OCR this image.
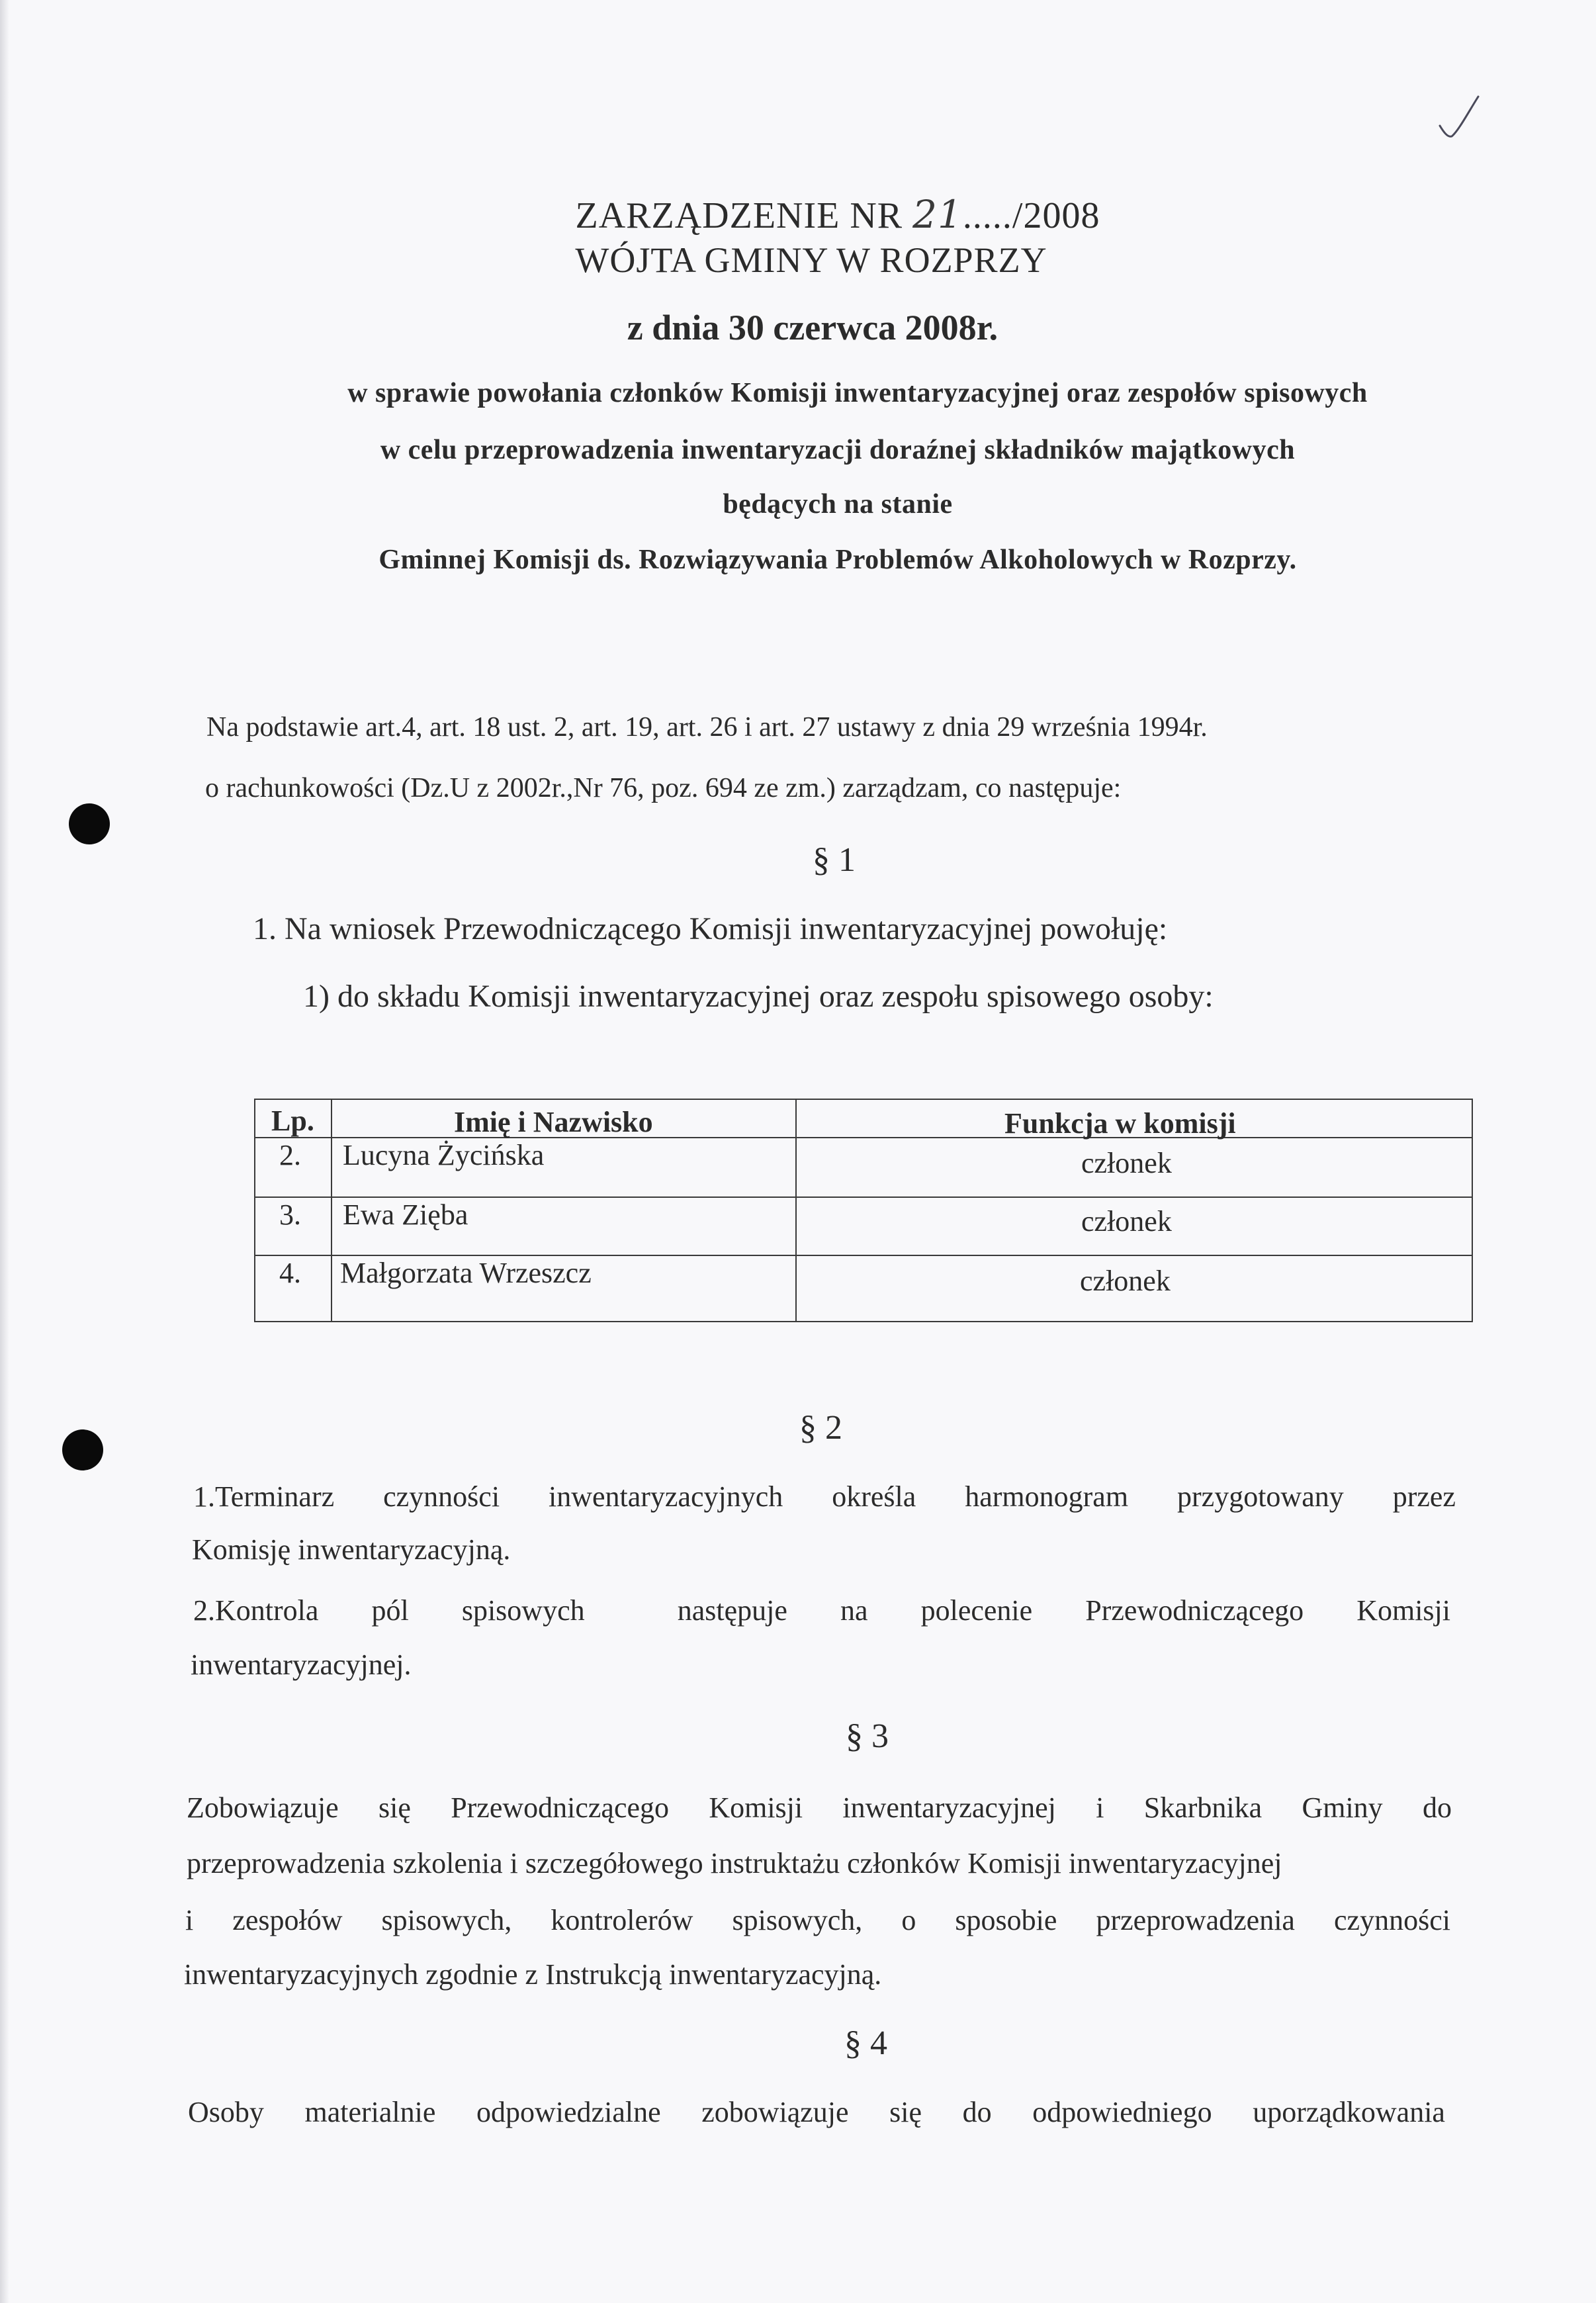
ZARZĄDZENIE NR 21...../2008
WÓJTA GMINY W ROZPRZY
z dnia 30 czerwca 2008r.
w sprawie powołania członków Komisji inwentaryzacyjnej oraz zespołów spisowych
w celu przeprowadzenia inwentaryzacji doraźnej składników majątkowych
będących na stanie
Gminnej Komisji ds. Rozwiązywania Problemów Alkoholowych w Rozprzy.
Na podstawie art.4, art. 18 ust. 2, art. 19, art. 26 i art. 27 ustawy z dnia 29 września 1994r.
o rachunkowości (Dz.U z 2002r.,Nr 76, poz. 694 ze zm.) zarządzam, co następuje:
§ 1
1. Na wniosek Przewodniczącego Komisji inwentaryzacyjnej powołuję:
1) do składu Komisji inwentaryzacyjnej oraz zespołu spisowego osoby:
Lp.	Imię i Nazwisko	Funkcja w komisji
2. Lucyna Życińska	członek
3. Ewa Zięba	członek
4. Małgorzata Wrzeszcz	członek
§ 2
1.Terminarz czynności inwentaryzacyjnych określa harmonogram przygotowany przez
Komisję inwentaryzacyjną.
2.Kontrola pól spisowych	następuje na polecenie Przewodniczącego Komisji
inwentaryzacyjnej.
§ 3
Zobowiązuje się Przewodniczącego Komisji inwentaryzacyjnej i Skarbnika Gminy do
przeprowadzenia szkolenia i szczegółowego instruktażu członków Komisji inwentaryzacyjnej
i zespołów spisowych, kontrolerów spisowych, o sposobie przeprowadzenia czynności
inwentaryzacyjnych zgodnie z Instrukcją inwentaryzacyjną.
§ 4
Osoby materialnie odpowiedzialne zobowiązuje się do odpowiedniego uporządkowania
